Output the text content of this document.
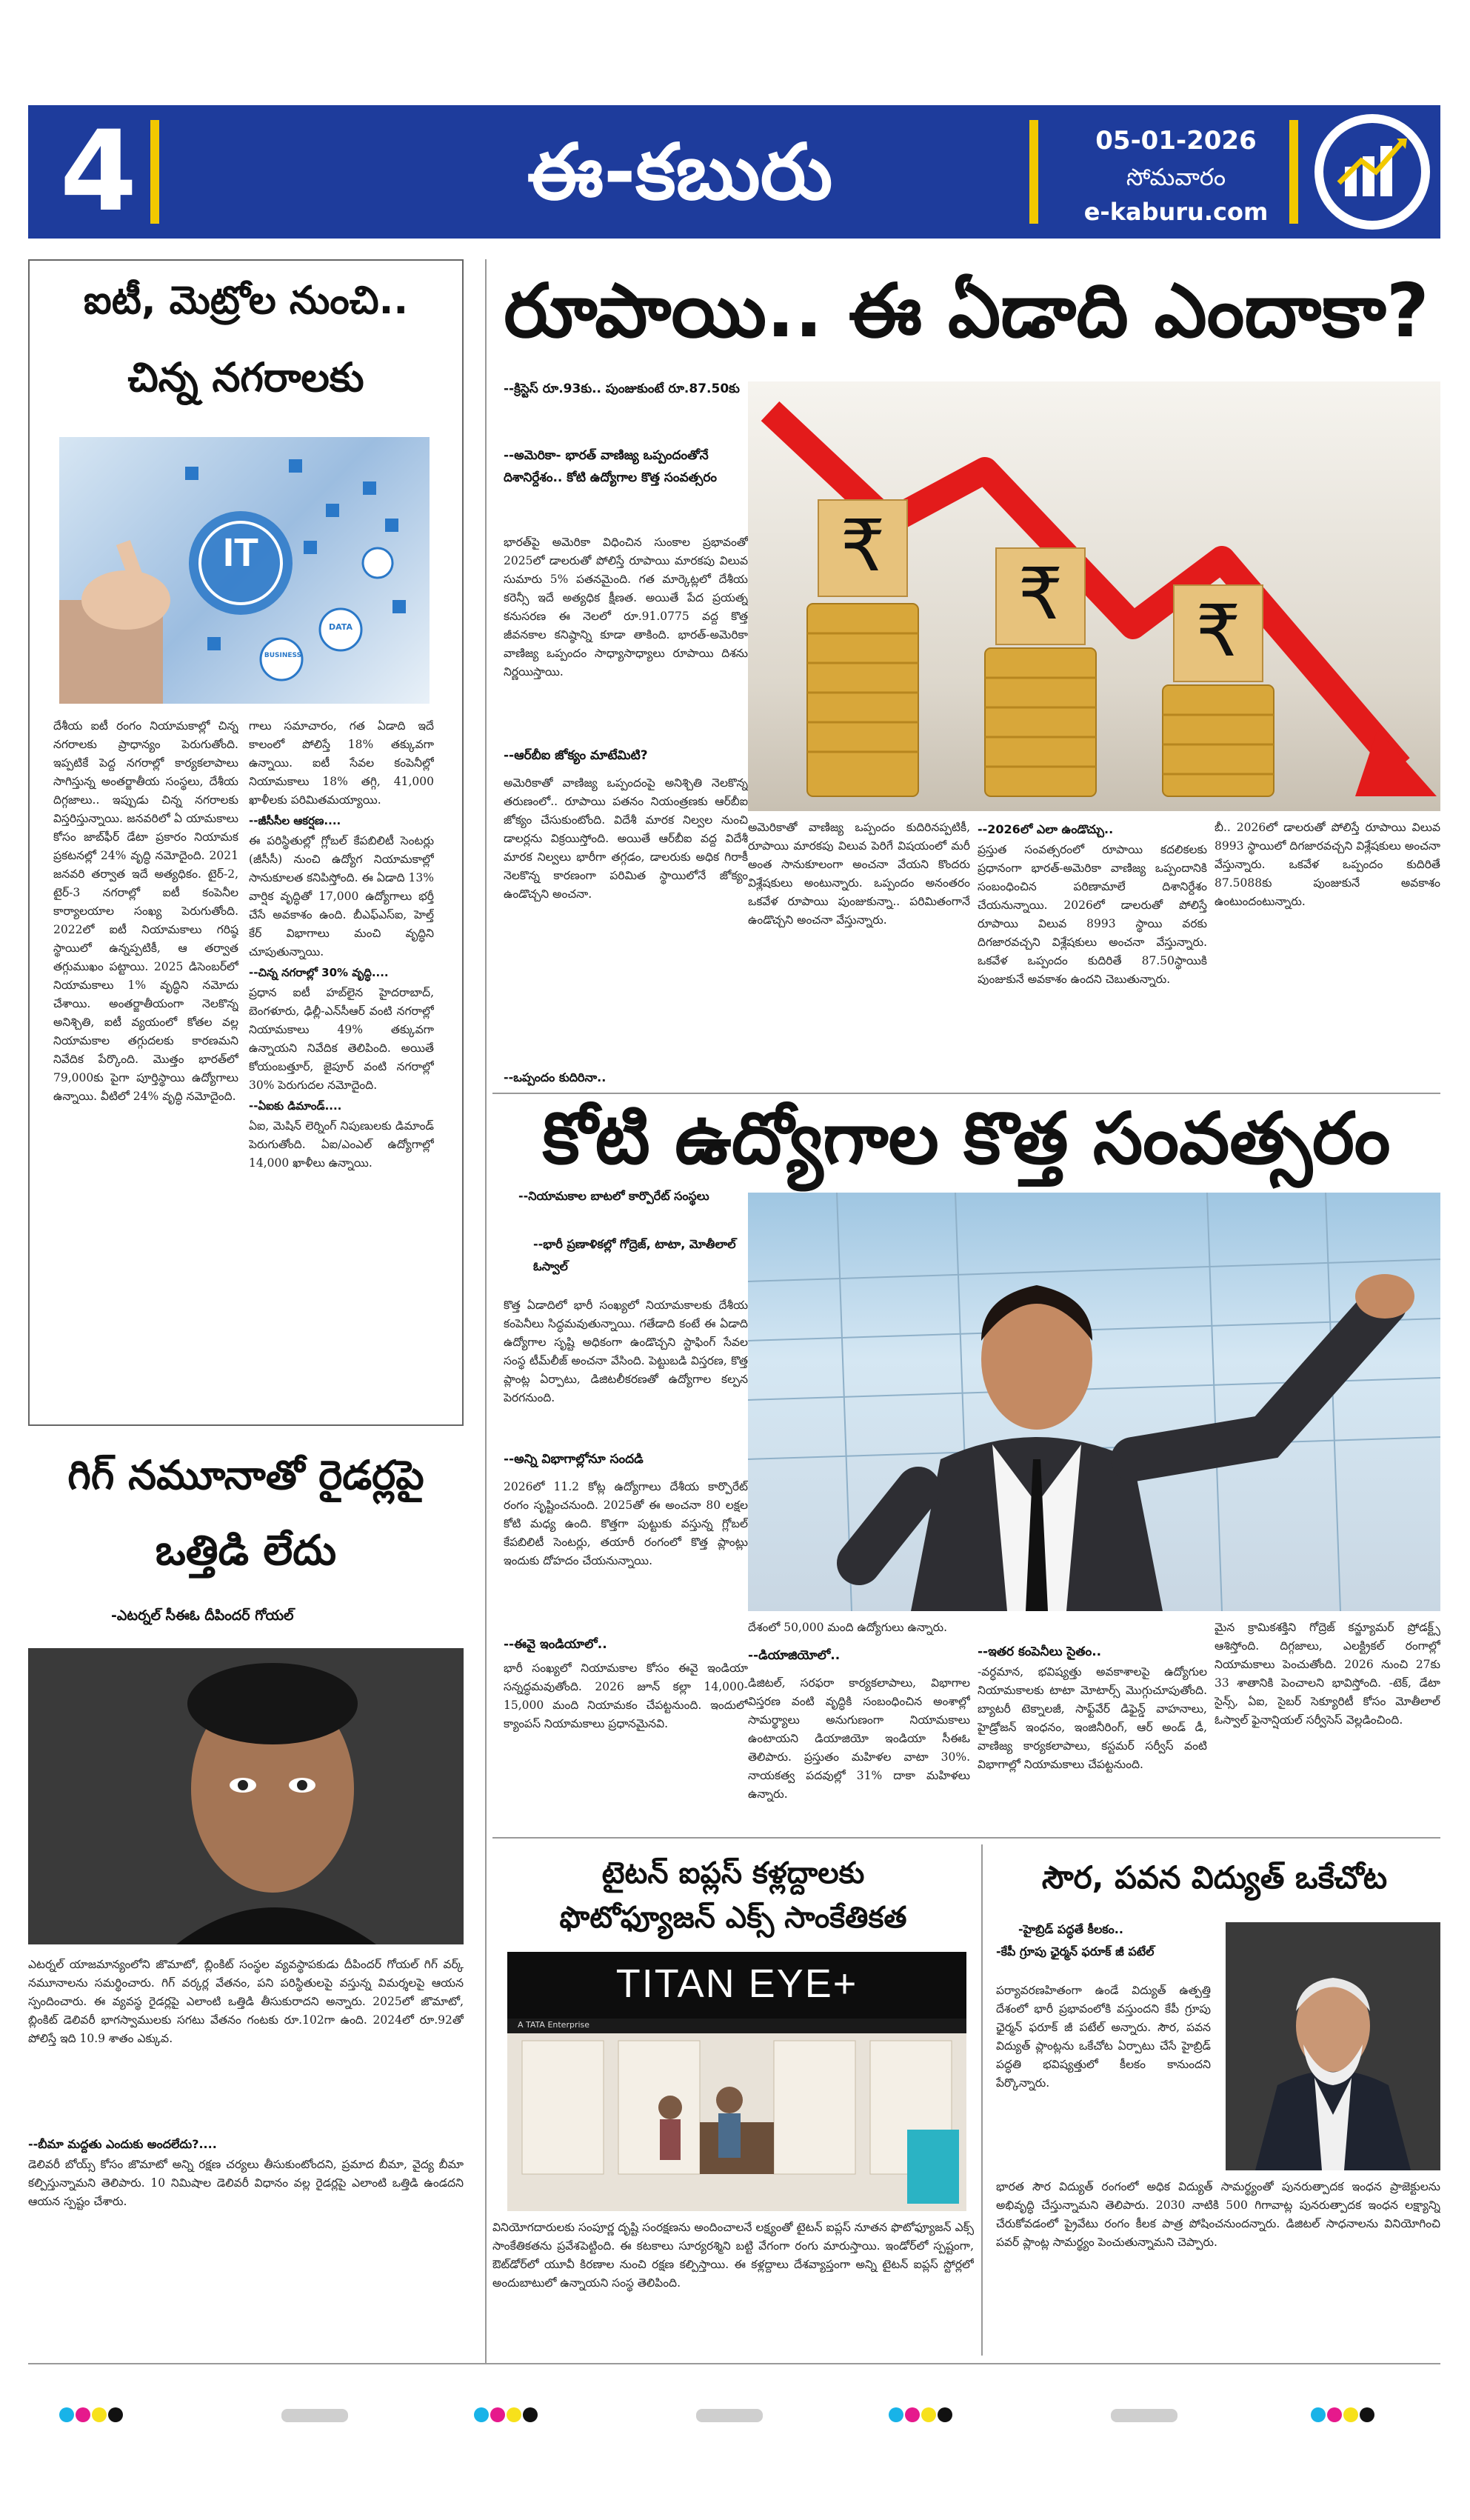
4	ఈ-కబురు	05-01-2026
సోమవారం
e-kaburu.com
ఐటీ, మెట్రోల నుంచి..
చిన్న నగరాలకు
IT
BUSINESS
DATA
దేశీయ ఐటీ రంగం నియామకాల్లో చిన్న నగరాలకు ప్రాధాన్యం పెరుగుతోంది. ఇప్పటికే పెద్ద నగరాల్లో కార్యకలాపాలు సాగిస్తున్న అంతర్జాతీయ సంస్థలు, దేశీయ దిగ్గజాలు.. ఇప్పుడు చిన్న నగరాలకు విస్తరిస్తున్నాయి. జనవరిలో ఏ యామకాలు కోసం జాబ్‌ఫీర్ డేటా ప్రకారం నియామక ప్రకటనల్లో 24% వృద్ధి నమోదైంది. 2021 జనవరి తర్వాత ఇదే అత్యధికం. టైర్-2, టైర్-3 నగరాల్లో ఐటీ కంపెనీల కార్యాలయాల సంఖ్య పెరుగుతోంది. 2022లో ఐటీ నియామకాలు గరిష్ఠ స్థాయిలో ఉన్నప్పటికీ, ఆ తర్వాత తగ్గుముఖం పట్టాయి. 2025 డిసెంబర్‌లో నియామకాలు 1% వృద్ధిని నమోదు చేశాయి. అంతర్జాతీయంగా నెలకొన్న అనిశ్చితి, ఐటీ వ్యయంలో కోతల వల్ల నియామకాల తగ్గుదలకు కారణమని నివేదిక పేర్కొంది. మొత్తం భారత్‌లో 79,000కు పైగా పూర్తిస్థాయి ఉద్యోగాలు ఉన్నాయి. వీటిలో 24% వృద్ధి నమోదైంది.
గాలు సమాచారం, గత ఏడాది ఇదే కాలంలో పోలిస్తే 18% తక్కువగా ఉన్నాయి. ఐటీ సేవల కంపెనీల్లో నియామకాలు 18% తగ్గి, 41,000 ఖాళీలకు పరిమితమయ్యాయి.
--జీసీసీల ఆకర్షణ....
ఈ పరిస్థితుల్లో గ్లోబల్ కేపబిలిటీ సెంటర్లు (జీసీసీ) నుంచి ఉద్యోగ నియామకాల్లో సానుకూలత కనిపిస్తోంది. ఈ ఏడాది 13% వార్షిక వృద్ధితో 17,000 ఉద్యోగాలు భర్తీ చేసే అవకాశం ఉంది. బీఎఫ్ఎస్ఐ, హెల్త్ కేర్ విభాగాలు మంచి వృద్ధిని చూపుతున్నాయి.
--చిన్న నగరాల్లో 30% వృద్ధి....
ప్రధాన ఐటీ హబ్‌లైన హైదరాబాద్, బెంగళూరు, ఢిల్లీ-ఎన్‌సీఆర్ వంటి నగరాల్లో నియామకాలు 49% తక్కువగా ఉన్నాయని నివేదిక తెలిపింది. అయితే కోయంబత్తూర్, జైపూర్ వంటి నగరాల్లో 30% పెరుగుదల నమోదైంది.
--ఏఐకు డిమాండ్....
ఏఐ, మెషిన్ లెర్నింగ్ నిపుణులకు డిమాండ్ పెరుగుతోంది. ఏఐ/ఎంఎల్ ఉద్యోగాల్లో 14,000 ఖాళీలు ఉన్నాయి.
గిగ్ నమూనాతో రైడర్లపై
ఒత్తిడి లేదు
-ఎటర్నల్ సీఈఓ దీపిందర్ గోయల్
ఎటర్నల్ యాజమాన్యంలోని జొమాటో, బ్లింకిట్ సంస్థల వ్యవస్థాపకుడు దీపిందర్ గోయల్ గిగ్ వర్క్ నమూనాలను సమర్థించారు. గిగ్ వర్కర్ల వేతనం, పని పరిస్థితులపై వస్తున్న విమర్శలపై ఆయన స్పందించారు. ఈ వ్యవస్థ రైడర్లపై ఎలాంటి ఒత్తిడి తీసుకురాదని అన్నారు. 2025లో జొమాటో, బ్లింకిట్ డెలివరీ భాగస్వాములకు సగటు వేతనం గంటకు రూ.102గా ఉంది. 2024లో రూ.92తో పోలిస్తే ఇది 10.9 శాతం ఎక్కువ.
--బీమా మద్దతు ఎందుకు అందలేదు?....
డెలివరీ బోయ్స్ కోసం జొమాటో అన్ని రక్షణ చర్యలు తీసుకుంటోందని, ప్రమాద బీమా, వైద్య బీమా కల్పిస్తున్నామని తెలిపారు. 10 నిమిషాల డెలివరీ విధానం వల్ల రైడర్లపై ఎలాంటి ఒత్తిడి ఉండదని ఆయన స్పష్టం చేశారు.
రూపాయి.. ఈ ఏడాది ఎందాకా?
--క్రిస్టెస్ రూ.93కు.. పుంజుకుంటే రూ.87.50కు
--అమెరికా- భారత్ వాణిజ్య ఒప్పందంతోనే దిశానిర్దేశం.. కోటి ఉద్యోగాల కొత్త సంవత్సరం
భారత్‌పై అమెరికా విధించిన సుంకాల ప్రభావంతో 2025లో డాలరుతో పోలిస్తే రూపాయి మారకపు విలువ సుమారు 5% పతనమైంది. గత మార్కెట్లలో దేశీయ కరెన్సీ ఇదే అత్యధిక క్షీణత. అయితే పేద ప్రయత్న కనుసరణ ఈ నెలలో రూ.91.0775 వద్ద కొత్త జీవనకాల కనిష్ఠాన్ని కూడా తాకింది. భారత్-అమెరికా వాణిజ్య ఒప్పందం సాధ్యాసాధ్యాలు రూపాయి దిశను నిర్ణయిస్తాయి.
--ఆర్‌బీఐ జోక్యం మాటేమిటి?
అమెరికాతో వాణిజ్య ఒప్పందంపై అనిశ్చితి నెలకొన్న తరుణంలో.. రూపాయి పతనం నియంత్రణకు ఆర్‌బీఐ జోక్యం చేసుకుంటోంది. విదేశీ మారక నిల్వల నుంచి డాలర్లను విక్రయిస్తోంది. అయితే ఆర్‌బీఐ వద్ద విదేశీ మారక నిల్వలు భారీగా తగ్గడం, డాలరుకు అధిక గిరాకీ నెలకొన్న కారణంగా పరిమిత స్థాయిలోనే జోక్యం ఉండొచ్చని అంచనా.
₹
₹ ₹
అమెరికాతో వాణిజ్య ఒప్పందం కుదిరినప్పటికీ, రూపాయి మారకపు విలువ పెరిగే విషయంలో మరీ అంత సానుకూలంగా అంచనా వేయని కొందరు విశ్లేషకులు అంటున్నారు. ఒప్పందం అనంతరం ఒకవేళ రూపాయి పుంజుకున్నా.. పరిమితంగానే ఉండొచ్చని అంచనా వేస్తున్నారు.
--2026లో ఎలా ఉండొచ్చు..
ప్రస్తుత సంవత్సరంలో రూపాయి కదలికలకు ప్రధానంగా భారత్-అమెరికా వాణిజ్య ఒప్పందానికి సంబంధించిన పరిణామాలే దిశానిర్దేశం చేయనున్నాయి. 2026లో డాలరుతో పోలిస్తే రూపాయి విలువ 8993 స్థాయి వరకు దిగజారవచ్చని విశ్లేషకులు అంచనా వేస్తున్నారు. ఒకవేళ ఒప్పందం కుదిరితే 87.50స్థాయికి పుంజుకునే అవకాశం ఉందని చెబుతున్నారు.
బీ.. 2026లో డాలరుతో పోలిస్తే రూపాయి విలువ 8993 స్థాయిలో దిగజారవచ్చని విశ్లేషకులు అంచనా వేస్తున్నారు. ఒకవేళ ఒప్పందం కుదిరితే 87.5088కు పుంజుకునే అవకాశం ఉంటుందంటున్నారు.
--ఒప్పందం కుదిరినా..
కోటి ఉద్యోగాల కొత్త సంవత్సరం
--నియామకాల బాటలో కార్పొరేట్ సంస్థలు
--భారీ ప్రణాళికల్లో గోద్రెజ్, టాటా, మోతీలాల్ ఓస్వాల్
కొత్త ఏడాదిలో భారీ సంఖ్యలో నియామకాలకు దేశీయ కంపెనీలు సిద్ధమవుతున్నాయి. గతేడాది కంటే ఈ ఏడాది ఉద్యోగాల సృష్టి అధికంగా ఉండొచ్చని స్టాఫింగ్ సేవల సంస్థ టీమ్‌లీజ్ అంచనా వేసింది. పెట్టుబడి విస్తరణ, కొత్త ప్లాంట్ల ఏర్పాటు, డిజిటలీకరణతో ఉద్యోగాల కల్పన పెరగనుంది.
--అన్ని విభాగాల్లోనూ సందడి
2026లో 11.2 కోట్ల ఉద్యోగాలు దేశీయ కార్పొరేట్ రంగం సృష్టించనుంది. 2025తో ఈ అంచనా 80 లక్షల కోటి మధ్య ఉంది. కొత్తగా పుట్టుకు వస్తున్న గ్లోబల్ కేపబిలిటీ సెంటర్లు, తయారీ రంగంలో కొత్త ప్లాంట్లు ఇందుకు దోహదం చేయనున్నాయి.
--ఈవై ఇండియాలో..
భారీ సంఖ్యలో నియామకాల కోసం ఈవై ఇండియా సన్నద్ధమవుతోంది. 2026 జూన్ కల్లా 14,000-15,000 మంది నియామకం చేపట్టనుంది. ఇందులో క్యాంపస్ నియామకాలు ప్రధానమైనవి.
దేశంలో 50,000 మంది ఉద్యోగులు ఉన్నారు.
--డియాజియోలో..
డిజిటల్, సరఫరా కార్యకలాపాలు, విభాగాల విస్తరణ వంటి వృద్ధికి సంబంధించిన అంశాల్లో సామర్థ్యాలు అనుగుణంగా నియామకాలు ఉంటాయని డియాజియో ఇండియా సీఈఓ తెలిపారు. ప్రస్తుతం మహిళల వాటా 30%. నాయకత్వ పదవుల్లో 31% దాకా మహిళలు ఉన్నారు.
--ఇతర కంపెనీలు సైతం..
-వర్ధమాన, భవిష్యత్తు అవకాశాలపై ఉద్యోగుల నియామకాలకు టాటా మోటార్స్ మొగ్గుచూపుతోంది. బ్యాటరీ టెక్నాలజీ, సాఫ్ట్‌వేర్ డిఫైన్డ్ వాహనాలు, హైడ్రోజన్ ఇంధనం, ఇంజినీరింగ్, ఆర్ అండ్ డీ, వాణిజ్య కార్యకలాపాలు, కస్టమర్ సర్వీస్ వంటి విభాగాల్లో నియామకాలు చేపట్టనుంది.
మైన క్రామికశక్తిని గోద్రెజ్ కన్జ్యూమర్ ప్రోడక్ట్స్ ఆశిస్తోంది. దిగ్గజాలు, ఎలక్ట్రికల్ రంగాల్లో నియామకాలు పెంచుతోంది. 2026 నుంచి 27కు 33 శాతానికి పెంచాలని భావిస్తోంది. -టెక్, డేటా సైన్స్, ఏఐ, సైబర్ సెక్యూరిటీ కోసం మోతీలాల్ ఓస్వాల్ ఫైనాన్షియల్ సర్వీసెస్ వెల్లడించింది.
టైటన్ ఐప్లస్ కళ్లద్దాలకు
ఫొటోఫ్యూజన్ ఎక్స్ సాంకేతికత
TITAN EYE+
A TATA Enterprise
వినియోగదారులకు సంపూర్ణ దృష్టి సంరక్షణను అందించాలనే లక్ష్యంతో టైటన్ ఐప్లస్ నూతన ఫొటోఫ్యూజన్ ఎక్స్ సాంకేతికతను ప్రవేశపెట్టింది. ఈ కటకాలు సూర్యరశ్మిని బట్టి వేగంగా రంగు మారుస్తాయి. ఇండోర్‌లో స్పష్టంగా, ఔట్‌డోర్‌లో యూవీ కిరణాల నుంచి రక్షణ కల్పిస్తాయి. ఈ కళ్లద్దాలు దేశవ్యాప్తంగా అన్ని టైటన్ ఐప్లస్ స్టోర్లలో అందుబాటులో ఉన్నాయని సంస్థ తెలిపింది.
సౌర, పవన విద్యుత్ ఒకేచోట
-హైబ్రిడ్ పద్ధతే కీలకం..
-కేపీ గ్రూపు ఛైర్మన్ ఫరూక్ జీ పటేల్
పర్యావరణహితంగా ఉండే విద్యుత్ ఉత్పత్తి దేశంలో భారీ ప్రభావంలోకి వస్తుందని కేపీ గ్రూపు ఛైర్మన్ ఫరూక్ జీ పటేల్ అన్నారు. సౌర, పవన విద్యుత్ ప్లాంట్లను ఒకేచోట ఏర్పాటు చేసే హైబ్రిడ్ పద్ధతి భవిష్యత్తులో కీలకం కానుందని పేర్కొన్నారు.
భారత సౌర విద్యుత్ రంగంలో అధిక విద్యుత్ సామర్థ్యంతో పునరుత్పాదక ఇంధన ప్రాజెక్టులను అభివృద్ధి చేస్తున్నామని తెలిపారు. 2030 నాటికి 500 గిగావాట్ల పునరుత్పాదక ఇంధన లక్ష్యాన్ని చేరుకోవడంలో ప్రైవేటు రంగం కీలక పాత్ర పోషించనుందన్నారు. డిజిటల్ సాధనాలను వినియోగించి పవర్ ప్లాంట్ల సామర్థ్యం పెంచుతున్నామని చెప్పారు.
